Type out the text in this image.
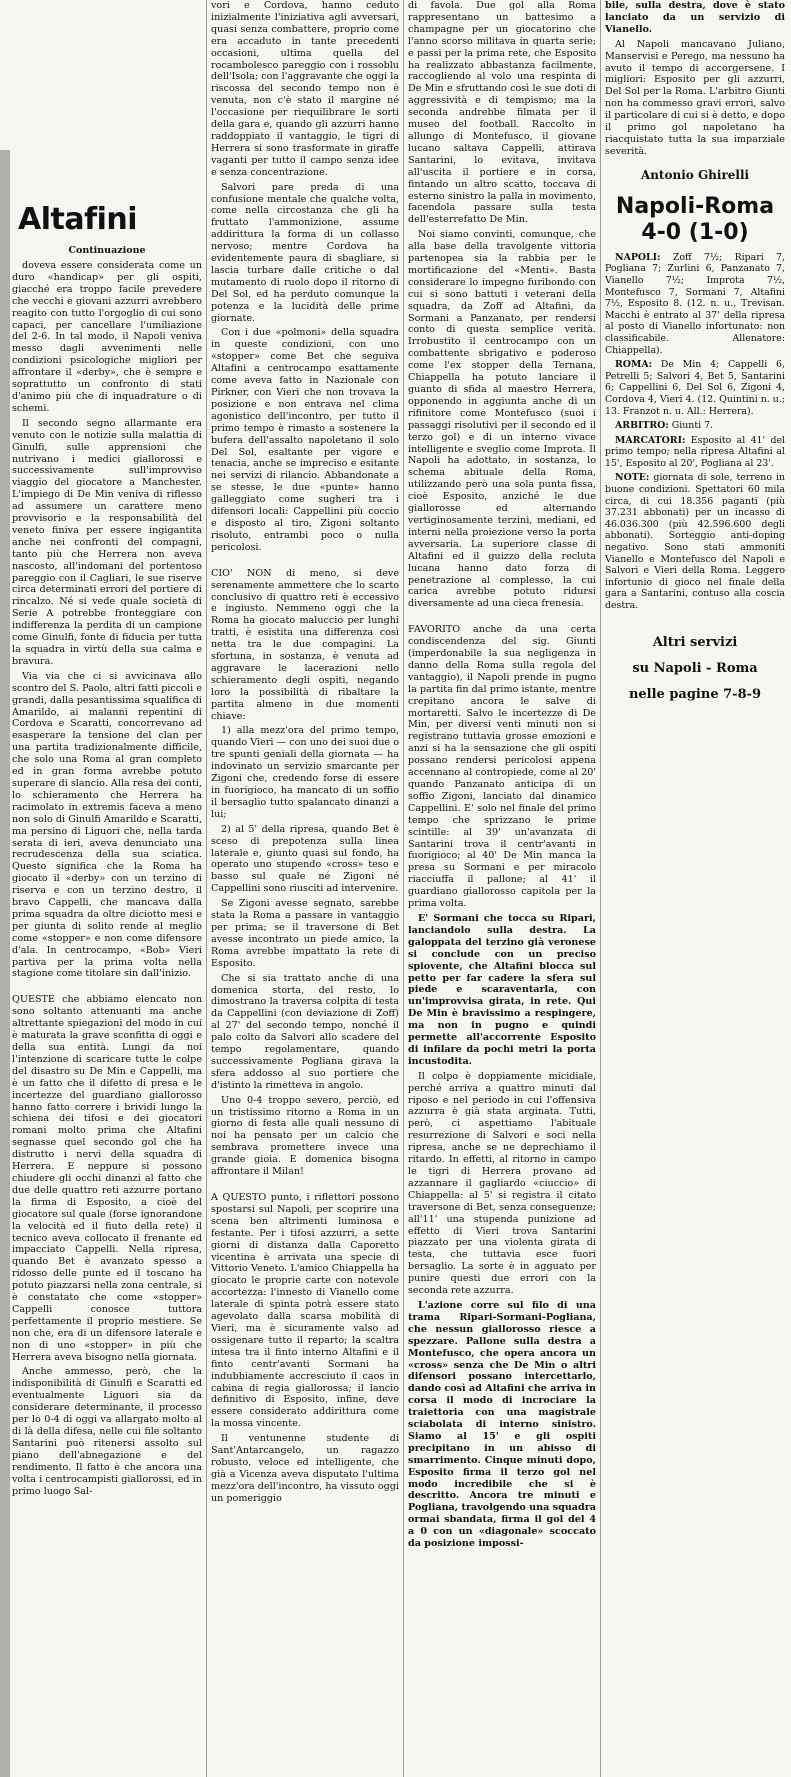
Altafini
Continuazione

doveva essere considerata come un duro «handicap» per gli ospiti, giacché era troppo facile prevedere che vecchi e giovani azzurri avrebbero reagito con tutto l'orgoglio di cui sono capaci, per cancellare l'umiliazione del 2-6. In tal modo, il Napoli veniva messo dagli avvenimenti nelle condizioni psicologiche migliori per affrontare il «derby», che è sempre e soprattutto un confronto di stati d'animo più che di inquadrature o di schemi.

Il secondo segno allarmante era venuto con le notizie sulla malattia di Ginulfi, sulle apprensioni che nutrivano i medici giallorossi e successivamente sull'improvviso viaggio del giocatore a Manchester. L'impiego di De Min veniva di riflesso ad assumere un carattere meno provvisorio e la responsabilità del veneto finiva per essere ingigantita anche nei confronti del compagni, tanto più che Herrera non aveva nascosto, all'indomani del portentoso pareggio con il Cagliari, le sue riserve circa determinati errori del portiere di rincalzo. Né si vede quale società di Serie A potrebbe fronteggiare con indifferenza la perdita di un campione come Ginulfi, fonte di fiducia per tutta la squadra in virtù della sua calma e bravura.

Via via che ci si avvicinava allo scontro del S. Paolo, altri fatti piccoli e grandi, dalla pesantissima squalifica di Amarildo, ai malanni repentini di Cordova e Scaratti, concorrevano ad esasperare la tensione del clan per una partita tradizionalmente difficile, che solo una Roma al gran completo ed in gran forma avrebbe potuto superare di slancio. Alla resa dei conti, lo schieramento che Herrera ha racimolato in extremis faceva a meno non solo di Ginulfi Amarildo e Scaratti, ma persino di Liguori che, nella tarda serata di ieri, aveva denunciato una recrudescenza della sua sciatica. Questo significa che la Roma ha giocato il «derby» con un terzino di riserva e con un terzino destro, il bravo Cappelli, che mancava dalla prima squadra da oltre diciotto mesi e per giunta di solito rende al meglio come «stopper» e non come difensore d'ala. In centrocampo, «Bob» Vieri partiva per la prima volta nella stagione come titolare sin dall'inizio.

QUESTE che abbiamo elencato non sono soltanto attenuanti ma anche altrettante spiegazioni del modo in cui è maturata la grave sconfitta di oggi e della sua entità. Lungi da noi l'intenzione di scaricare tutte le colpe del disastro su De Min e Cappelli, ma è un fatto che il difetto di presa e le incertezze del guardiano giallorosso hanno fatto correre i brividi lungo la schiena dei tifosi e dei giocatori romani molto prima che Altafini segnasse quel secondo gol che ha distrutto i nervi della squadra di Herrera. E neppure si possono chiudere gli occhi dinanzi al fatto che due delle quattro reti azzurre portano la firma di Esposito, a cioè del giocatore sul quale (forse ignorandone la velocità ed il fiuto della rete) il tecnico aveva collocato il frenante ed impacciato Cappelli. Nella ripresa, quando Bet è avanzato spesso a ridosso delle punte ed il toscano ha potuto piazzarsi nella zona centrale, si è constatato che come «stopper» Cappelli conosce tuttora perfettamente il proprio mestiere. Se non che, era di un difensore laterale e non di uno «stopper» in più che Herrera aveva bisogno nella giornata.

Anche ammesso, però, che la indisponibilità di Ginulfi e Scaratti ed eventualmente Liguori sia da considerare determinante, il processo per lo 0-4 di oggi va allargato molto al di là della difesa, nelle cui file soltanto Santarini può ritenersi assolto sul piano dell'abnegazione e del rendimento. Il fatto è che ancora una volta i centrocampisti giallorossi, ed in primo luogo Sal-

vori e Cordova, hanno ceduto inizialmente l'iniziativa agli avversari, quasi senza combattere, proprio come era accaduto in tante precedenti occasioni, ultima quella del rocambolesco pareggio con i rossoblu dell'Isola; con l'aggravante che oggi la riscossa del secondo tempo non è venuta, non c'è stato il margine né l'occasione per riequilibrare le sorti della gara e, quando gli azzurri hanno raddoppiato il vantaggio, le tigri di Herrera si sono trasformate in giraffe vaganti per tutto il campo senza idee e senza concentrazione.

Salvori pare preda di una confusione mentale che qualche volta, come nella circostanza che gli ha fruttato l'ammonizione, assume addirittura la forma di un collasso nervoso; mentre Cordova ha evidentemente paura di sbagliare, si lascia turbare dalle critiche o dal mutamento di ruolo dopo il ritorno di Del Sol, ed ha perduto comunque la potenza e la lucidità delle prime giornate.

Con i due «polmoni» della squadra in queste condizioni, con uno «stopper» come Bet che seguiva Altafini a centrocampo esattamente come aveva fatto in Nazionale con Pirkner, con Vieri che non trovava la posizione e non entrava nel clima agonistico dell'incontro, per tutto il primo tempo è rimasto a sostenere la bufera dell'assalto napoletano il solo Del Sol, esaltante per vigore e tenacia, anche se impreciso e esitante nei servizi di rilancio. Abbandonate a se stesse, le due «punte» hanno galleggiato come sugheri tra i difensori locali: Cappellini più coccio e disposto al tiro, Zigoni soltanto risoluto, entrambi poco o nulla pericolosi.

CIO' NON di meno, si deve serenamente ammettere che lo scarto conclusivo di quattro reti è eccessivo e ingiusto. Nemmeno oggi che la Roma ha giocato maluccio per lunghi tratti, è esistita una differenza così netta tra le due compagini. La sfortuna, in sostanza, è venuta ad aggravare le lacerazioni nello schieramento degli ospiti, negando loro la possibilità di ribaltare la partita almeno in due momenti chiave:

1) alla mezz'ora del primo tempo, quando Vieri — con uno dei suoi due o tre spunti geniali della giornata — ha indovinato un servizio smarcante per Zigoni che, credendo forse di essere in fuorigioco, ha mancato di un soffio il bersaglio tutto spalancato dinanzi a lui;

2) al 5' della ripresa, quando Bet è sceso di prepotenza sulla linea laterale e, giunto quasi sul fondo, ha operato uno stupendo «cross» teso e basso sul quale né Zigoni né Cappellini sono riusciti ad intervenire.

Se Zigoni avesse segnato, sarebbe stata la Roma a passare in vantaggio per prima; se il traversone di Bet avesse incontrato un piede amico, la Roma avrebbe impattato la rete di Esposito.

Che si sia trattato anche di una domenica storta, del resto, lo dimostrano la traversa colpita di testa da Cappellini (con deviazione di Zoff) al 27' del secondo tempo, nonché il palo colto da Salvori allo scadere del tempo regolamentare, quando successivamente Pogliana girava la sfera addosso al suo portiere che d'istinto la rimetteva in angolo.

Uno 0-4 troppo severo, perciò, ed un tristissimo ritorno a Roma in un giorno di festa alle quali nessuno di noi ha pensato per un calcio che sembrava promettere invece una grande gioia. E domenica bisogna affrontare il Milan!

A QUESTO punto, i riflettori possono spostarsi sul Napoli, per scoprire una scena ben altrimenti luminosa e festante. Per i tifosi azzurri, a sette giorni di distanza dalla Caporetto vicentina è arrivata una specie di Vittorio Veneto. L'amico Chiappella ha giocato le proprie carte con notevole accortezza: l'innesto di Vianello come laterale di spinta potrà essere stato agevolato dalla scarsa mobilità di Vieri, ma è sicuramente valso ad ossigenare tutto il reparto; la scaltra intesa tra il finto interno Altafini e il finto centr'avanti Sormani ha indubbiamente accresciuto il caos in cabina di regia giallorossa; il lancio definitivo di Esposito, infine, deve essere considerato addirittura come la mossa vincente.

Il ventunenne studente di Sant'Antarcangelo, un ragazzo robusto, veloce ed intelligente, che già a Vicenza aveva disputato l'ultima mezz'ora dell'incontro, ha vissuto oggi un pomeriggio

di favola. Due gol alla Roma rappresentano un battesimo a champagne per un giocatorino che l'anno scorso militava in quarta serie; e passi per la prima rete, che Esposito ha realizzato abbastanza facilmente, raccogliendo al volo una respinta di De Min e sfruttando così le sue doti di aggressività e di tempismo; ma la seconda andrebbe filmata per il museo del football. Raccolto in allungo di Montefusco, il giovane lucano saltava Cappelli, attirava Santarini, lo evitava, invitava all'uscita il portiere e in corsa, fintando un altro scatto, toccava di esterno sinistro la palla in movimento, facendola passare sulla testa dell'esterrefatto De Min.

Noi siamo convinti, comunque, che alla base della travolgente vittoria partenopea sia la rabbia per le mortificazione del «Menti». Basta considerare lo impegno furibondo con cui si sono battuti i veterani della squadra, da Zoff ad Altafini, da Sormani a Panzanato, per rendersi conto di questa semplice verità. Irrobustito il centrocampo con un combattente sbrigativo e poderoso come l'ex stopper della Ternana, Chiappella ha potuto lanciare il guanto di sfida al maestro Herrera, opponendo in aggiunta anche di un rifinitore come Montefusco (suoi i passaggi risolutivi per il secondo ed il terzo gol) e di un interno vivace intelligente e sveglio come Improta. Il Napoli ha adottato, in sostanza, lo schema abituale della Roma, utilizzando però una sola punta fissa, cioè Esposito, anziché le due giallorosse ed alternando vertiginosamente terzini, mediani, ed interni nella proiezione verso la porta avversaria. La superiore classe di Altafini ed il guizzo della recluta lucana hanno dato forza di penetrazione al complesso, la cui carica avrebbe potuto ridursi diversamente ad una cieca frenesia.

FAVORITO anche da una certa condiscendenza del sig. Giunti (imperdonabile la sua negligenza in danno della Roma sulla regola del vantaggio), il Napoli prende in pugno la partita fin dal primo istante, mentre crepitano ancora le salve di mortaretti. Salvo le incertezze di De Min, per diversi venti minuti non si registrano tuttavia grosse emozioni e anzi si ha la sensazione che gli ospiti possano rendersi pericolosi appena accennano al contropiede, come al 20' quando Panzanato anticipa di un soffio Zigoni, lanciato dal dinamico Cappellini. E' solo nel finale del primo tempo che sprizzano le prime scintille: al 39' un'avanzata di Santarini trova il centr'avanti in fuorigioco; al 40' De Min manca la presa su Sormani e per miracolo riacciuffa il pallone; al 41' il guardiano giallorosso capitola per la prima volta.

E' Sormani che tocca su Ripari, lanciandolo sulla destra. La galoppata del terzino già veronese si conclude con un preciso spiovente, che Altafini blocca sul petto per far cadere la sfera sul piede e scaraventarla, con un'improvvisa girata, in rete. Qui De Min è bravissimo a respingere, ma non in pugno e quindi permette all'accorrente Esposito di infilare da pochi metri la porta incustodita.

Il colpo è doppiamente micidiale, perché arriva a quattro minuti dal riposo e nel periodo in cui l'offensiva azzurra è già stata arginata. Tutti, però, ci aspettiamo l'abituale resurrezione di Salvori e soci nella ripresa, anche se ne deprechiamo il ritardo. In effetti, al ritorno in campo le tigri di Herrera provano ad azzannare il gagliardo «ciuccio» di Chiappella: al 5' si registra il citato traversone di Bet, senza conseguenze; all'11' una stupenda punizione ad effetto di Vieri trova Santarini piazzato per una violenta girata di testa, che tuttavia esce fuori bersaglio. La sorte è in agguato per punire questi due errori con la seconda rete azzurra.

L'azione corre sul filo di una trama Ripari-Sormani-Pogliana, che nessun giallorosso riesce a spezzare. Pallone sulla destra a Montefusco, che opera ancora un «cross» senza che De Min o altri difensori possano intercettarlo, dando così ad Altafini che arriva in corsa il modo di incrociare la traiettoria con una magistrale sciabolata di interno sinistro. Siamo al 15' e gli ospiti precipitano in un abisso di smarrimento. Cinque minuti dopo, Esposito firma il terzo gol nel modo incredibile che si è descritto. Ancora tre minuti e Pogliana, travolgendo una squadra ormai sbandata, firma il gol del 4 a 0 con un «diagonale» scoccato da posizione impossi-

bile, sulla destra, dove è stato lanciato da un servizio di Vianello.

Al Napoli mancavano Juliano, Manservisi e Perego, ma nessuno ha avuto il tempo di accorgersene. I migliori: Esposito per gli azzurri, Del Sol per la Roma. L'arbitro Giunti non ha commesso gravi errori, salvo il particolare di cui si è detto, e dopo il primo gol napoletano ha riacquistato tutta la sua imparziale severità.

Antonio Ghirelli
Napoli-Roma
4-0 (1-0)

NAPOLI: Zoff 7½; Ripari 7, Pogliana 7; Zurlini 6, Panzanato 7, Vianello 7½; Improta 7½, Montefusco 7, Sormani 7, Altafini 7½, Esposito 8. (12. n. u., Trevisan. Macchi è entrato al 37' della ripresa al posto di Vianello infortunato: non classificabile. Allenatore: Chiappella).

ROMA: De Min 4; Cappelli 6, Petrelli 5; Salvori 4, Bet 5, Santarini 6; Cappellini 6, Del Sol 6, Zigoni 4, Cordova 4, Vieri 4. (12. Quintini n. u.; 13. Franzot n. u. All.: Herrera).

ARBITRO: Giunti 7.

MARCATORI: Esposito al 41' del primo tempo; nella ripresa Altafini al 15', Esposito al 20', Pogliana al 23'.

NOTE: giornata di sole, terreno in buone condizioni. Spettatori 60 mila circa, di cui 18.356 paganti (più 37.231 abbonati) per un incasso di 46.036.300 (più 42.596.600 degli abbonati). Sorteggio anti-doping negativo. Sono stati ammoniti Vianello e Montefusco del Napoli e Salvori e Vieri della Roma. Leggero infortunio di gioco nel finale della gara a Santarini, contuso alla coscia destra.

Altri servizi
su Napoli - Roma
nelle pagine 7-8-9
